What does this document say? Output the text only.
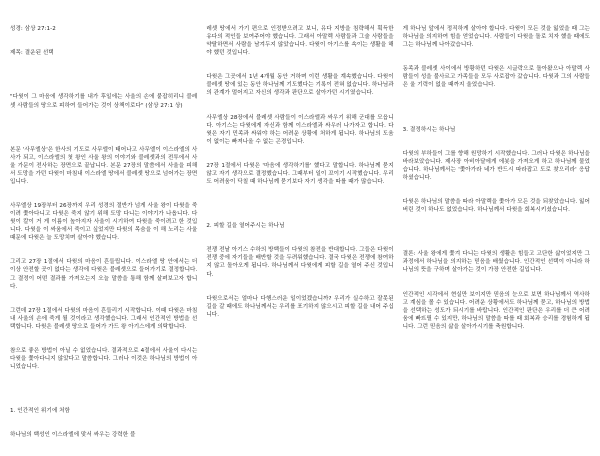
성경: 삼상 27:1-2

제목: 결운된 선택

"다윗이 그 마음에 생각하기를 내가 후일에는 사울의 손에 붙잡히리니 블레셋 사람들의 땅으로 피하여 들어가는 것이 상책이로다" (삼상 27:1 상)

본문 '사무엘상'은 한사의 기도로 사무엘이 태어나고 사무엘이 이스라엘의 사사가 되고, 이스라엘의 첫 왕인 사울 왕의 이야기와 블레셋과의 전투에서 사울 가문이 전사하는 장면으로 끝납니다. 본문 27장의 말씀에서 사울을 피해서 도망을 가던 다윗이 마침내 이스라엘 땅에서 블레셋 땅으로 넘어가는 장면입니다.

사무엘상 19장부터 26장까지 우리 성경의 절반가 넘게 사울 왕이 다윗을 죽이려 쫓아다니고 다윗은 죽지 않기 위해 도망 다니는 이야기가 나옵니다. 다윗이 칼이 거 게 이름이 높아지자 사울이 시기하여 다윗을 죽이려고 한 것입니다. 다윗을 이 싸움에서 죽이고 싶었지만 다윗의 목숨을 이 해 노리는 사울 때문에 다윗은 늘 도망치며 살아야 했습니다.

그리고 27장 1절에서 다윗의 마음이 흔들립니다. 이스라엘 땅 안에서는 더 이상 안전할 곳이 없다는 생각에 다윗은 블레셋으로 들어가기로 결정합니다. 그 결정이 어떤 결과를 가져오는지 오늘 말씀을 통해 함께 살펴보고자 합니다.

그런데 27장 1절에서 다윗의 마음이 흔들리기 시작합니다. 이때 다윗은 마침내 사울의 손에 죽게 될 것이라고 생각했습니다. 그래서 인간적인 방법을 선택합니다. 다윗은 블레셋 땅으로 들어가 가드 왕 아기스에게 의탁합니다.

참으로 좋은 방법이 아닐 수 없었습니다. 결과적으로 4절에서 사울이 다시는 다윗을 쫓아다니지 않았다고 말씀합니다. 그러나 이것은 하나님의 방법이 아니었습니다.

1. 인간적인 위기에 처함

하나님의 백성인 이스라엘에 맞서 싸우는 강력한 블

레셋 땅에서 가기 편으로 인정받으려고 보니, 유다 지방을 침략해서 획득한 유다의 적인들 보여주어야 했습니다. 그래서 아말렉 사람들과 그술 사람들을 약탈하면서 사람을 남겨두지 않았습니다. 다윗이 아기스를 속이는 생활을 해야 했던 것입니다.

다윗은 그곳에서 1년 4개월 동안 거하며 이런 생활을 계속했습니다. 다윗이 블레셋 땅에 있는 동안 하나님께 기도했다는 기록이 전혀 없습니다. 하나님과의 관계가 멀어지고 자신의 생각과 판단으로 살아가던 시기였습니다.

사무엘상 28장에서 블레셋 사람들이 이스라엘과 싸우기 위해 군대를 모읍니다. 아기스는 다윗에게 자신과 함께 이스라엘과 싸우러 나가자고 합니다. 다윗은 자기 민족과 싸워야 하는 어려운 상황에 처하게 됩니다. 하나님의 도움이 없이는 빠져나올 수 없는 곤경입니다.

27장 1절에서 다윗은 '마음에 생각하기를' 했다고 말합니다. 하나님께 묻지 않고 자기 생각으로 결정했습니다. 그때부터 일이 꼬이기 시작했습니다. 우리도 어려움이 닥칠 때 하나님께 묻기보다 자기 생각을 따를 때가 많습니다.

2. 피할 길을 열어주시는 하나님

전쟁 전날 아기스 수하의 방백들이 다윗의 참전을 반대합니다. 그들은 다윗이 전쟁 중에 자기들을 배반할 것을 두려워했습니다. 결국 다윗은 전쟁에 참여하지 않고 돌아오게 됩니다. 하나님께서 다윗에게 피할 길을 열어 주신 것입니다.

다윗으로서는 얼마나 다행스러운 일이었겠습니까? 우리가 실수하고 잘못된 길을 갈 때에도 하나님께서는 우리를 포기하지 않으시고 피할 길을 내어 주십니다.

게 하나님 앞에서 정직하게 살아야 합니다. 다윗이 모든 것을 잃었을 때 그는 하나님을 의지하여 힘을 얻었습니다. 사람들이 다윗을 돌로 치자 했을 때에도 그는 하나님께 나아갔습니다.

동족과 블레셋 사이에서 방황하던 다윗은 시글락으로 돌아왔으나 아말렉 사람들이 성을 불사르고 가족들을 모두 사로잡아 갔습니다. 다윗과 그의 사람들은 울 기력이 없을 때까지 울었습니다.

3. 결정하시는 하나님

다윗의 부하들이 그를 향해 원망하기 시작했습니다. 그러나 다윗은 하나님을 바라보았습니다. 제사장 아비아달에게 에봇을 가져오게 하고 하나님께 물었습니다. 하나님께서는 '쫓아가라 네가 반드시 따라잡고 도로 찾으리라' 응답하셨습니다.

다윗은 하나님의 말씀을 따라 아말렉을 쫓아가 모든 것을 되찾았습니다. 잃어버린 것이 하나도 없었습니다. 하나님께서 다윗을 회복시키셨습니다.

결론: 사울 왕에게 쫓겨 다니는 다윗의 생활은 힘들고 고단한 삶이었지만 그 과정에서 하나님을 의지하는 믿음을 배웠습니다. 인간적인 선택이 아니라 하나님의 뜻을 구하며 살아가는 것이 가장 안전한 길입니다.

인간적인 시각에서 현실만 보이지만 믿음의 눈으로 보면 하나님께서 역사하고 계심을 볼 수 있습니다. 어려운 상황에서도 하나님께 묻고, 하나님의 방법을 선택하는 성도가 되시기를 바랍니다. 인간적인 판단은 우리를 더 큰 어려움에 빠뜨릴 수 있지만, 하나님의 말씀을 따를 때 회복과 승리를 경험하게 됩니다. 그런 믿음의 삶을 살아가시기를 축원합니다.
